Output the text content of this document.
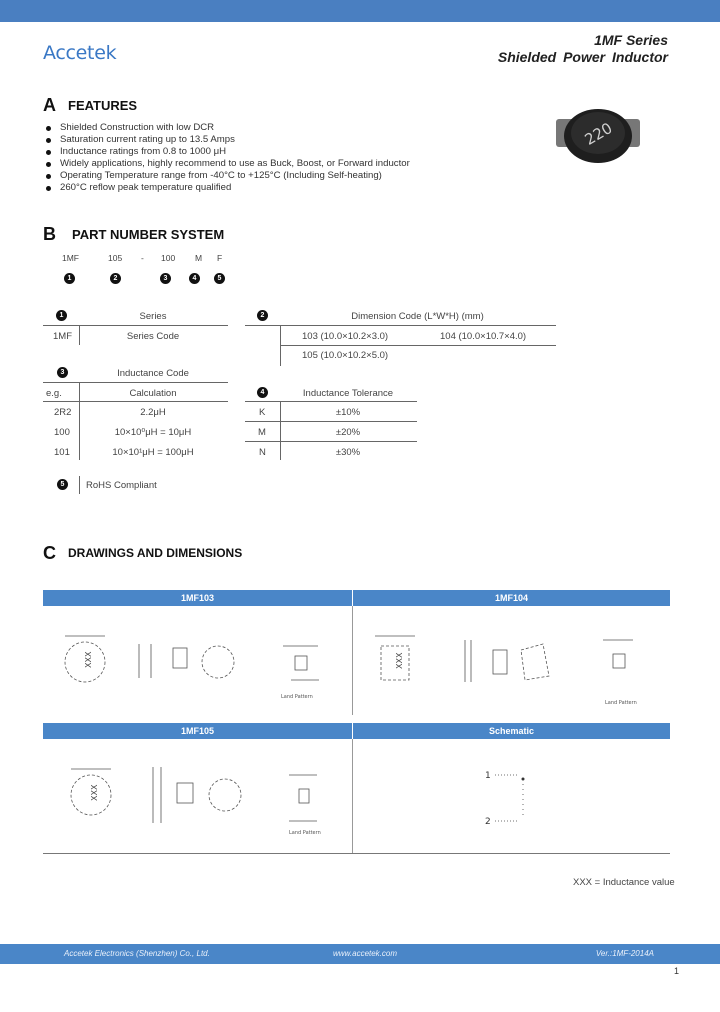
Accetek
1MF Series
Shielded Power Inductor
A FEATURES
Shielded Construction with low DCR
Saturation current rating up to 13.5 Amps
Inductance ratings from 0.8 to 1000 μH
Widely applications, highly recommend to use as Buck, Boost, or Forward inductor
Operating Temperature range from -40°C to +125°C (Including Self-heating)
260°C reflow peak temperature qualified
220
B PART NUMBER SYSTEM
1MF	105 - 100 M F
1	2	3	4	5
1	Series
1MF	Series Code
2	Dimension Code (L*W*H) (mm)
103 (10.0×10.2×3.0)	104 (10.0×10.7×4.0)
105 (10.0×10.2×5.0)
3	Inductance Code
e.g.	Calculation
2R2	2.2μH
100	10×10⁰μH = 10μH
101	10×10¹μH = 100μH
4	Inductance Tolerance
K	±10%
M	±20%
N	±30%
5	RoHS Compliant
C DRAWINGS AND DIMENSIONS
1MF103	1MF104
XXX
Land Pattern
XXX
Land Pattern
1MF105	Schematic
XXX
Land Pattern
1
2
XXX = Inductance value
Accetek Electronics (Shenzhen) Co., Ltd.	www.accetek.com	Ver.:1MF-2014A
1
